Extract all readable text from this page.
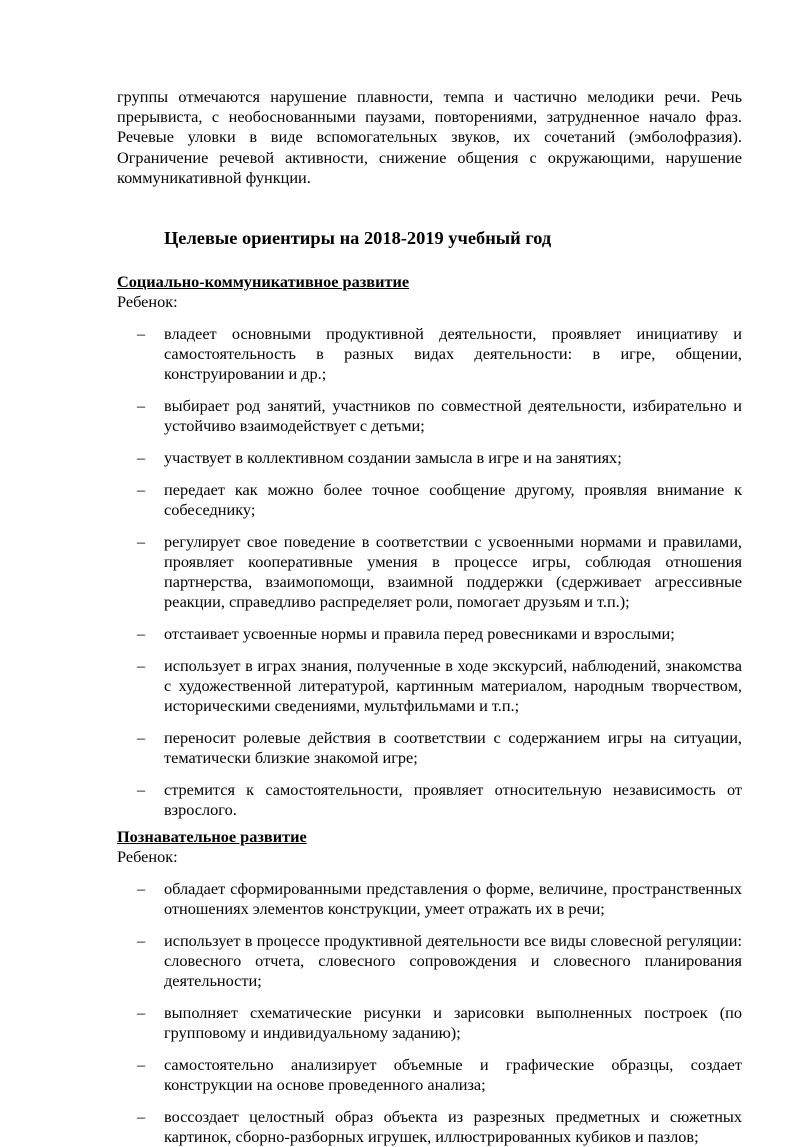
группы отмечаются нарушение плавности, темпа и частично мелодики речи. Речь прерывиста, с необоснованными паузами, повторениями, затрудненное начало фраз. Речевые уловки в виде вспомогательных звуков, их сочетаний (эмболофразия). Ограничение речевой активности, снижение общения с окружающими, нарушение коммуникативной функции.

Целевые ориентиры на 2018-2019 учебный год

Социально-коммуникативное развитие

Ребенок:

– владеет основными продуктивной деятельности, проявляет инициативу и самостоятельность в разных видах деятельности: в игре, общении, конструировании и др.;
– выбирает род занятий, участников по совместной деятельности, избирательно и устойчиво взаимодействует с детьми;
– участвует в коллективном создании замысла в игре и на занятиях;
– передает как можно более точное сообщение другому, проявляя внимание к собеседнику;
– регулирует свое поведение в соответствии с усвоенными нормами и правилами, проявляет кооперативные умения в процессе игры, соблюдая отношения партнерства, взаимопомощи, взаимной поддержки (сдерживает агрессивные реакции, справедливо распределяет роли, помогает друзьям и т.п.);
– отстаивает усвоенные нормы и правила перед ровесниками и взрослыми;
– использует в играх знания, полученные в ходе экскурсий, наблюдений, знакомства с художественной литературой, картинным материалом, народным творчеством, историческими сведениями, мультфильмами и т.п.;
– переносит ролевые действия в соответствии с содержанием игры на ситуации, тематически близкие знакомой игре;
– стремится к самостоятельности, проявляет относительную независимость от взрослого.

Познавательное развитие

Ребенок:

– обладает сформированными представления о форме, величине, пространственных отношениях элементов конструкции, умеет отражать их в речи;
– использует в процессе продуктивной деятельности все виды словесной регуляции: словесного отчета, словесного сопровождения и словесного планирования деятельности;
– выполняет схематические рисунки и зарисовки выполненных построек (по групповому и индивидуальному заданию);
– самостоятельно анализирует объемные и графические образцы, создает конструкции на основе проведенного анализа;
– воссоздает целостный образ объекта из разрезных предметных и сюжетных картинок, сборно-разборных игрушек, иллюстрированных кубиков и пазлов;
